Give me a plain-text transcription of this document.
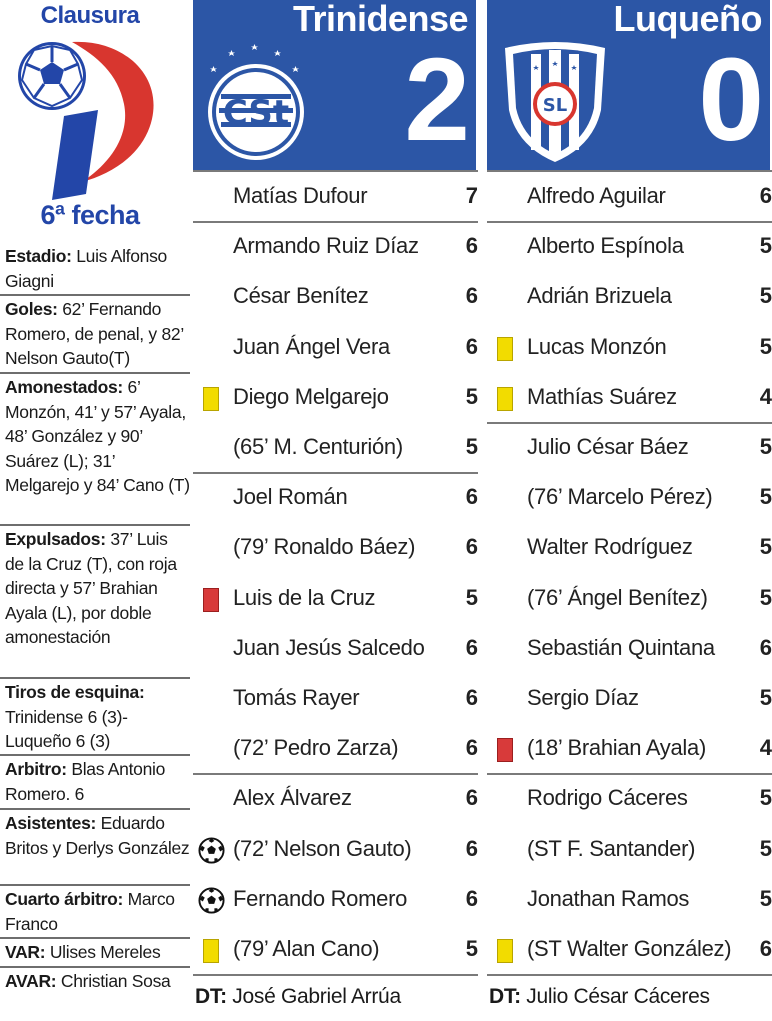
Clausura
6ª fecha
Estadio: Luis Alfonso Giagni
Goles: 62’ Fernando Romero, de penal, y 82’ Nelson Gauto(T)
Amonestados: 6’ Monzón, 41’ y 57’ Ayala, 48’ González y 90’ Suárez (L); 31’ Melgarejo y 84’ Cano (T)
Expulsados: 37’ Luis de la Cruz (T), con roja directa y 57’ Brahian Ayala (L), por doble amonestación
Tiros de esquina: Trinidense 6 (3)-Luqueño 6 (3)
Arbitro: Blas Antonio Romero. 6
Asistentes: Eduardo Britos y Derlys González
Cuarto árbitro: Marco Franco
VAR: Ulises Mereles
AVAR: Christian Sosa
Trinidense
CSt 2
Luqueño
SL 0
Matías Dufour	7
Armando Ruiz Díaz 6
César Benítez	6
Juan Ángel Vera	6
Diego Melgarejo	5
(65’ M. Centurión)	5
Joel Román	6
(79’ Ronaldo Báez) 6
Luis de la Cruz	5
Juan Jesús Salcedo 6
Tomás Rayer	6
(72’ Pedro Zarza)	6
Alex Álvarez	6
(72’ Nelson Gauto) 6
Fernando Romero	6
(79’ Alan Cano)	5
Alfredo Aguilar	6
Alberto Espínola	5
Adrián Brizuela	5
Lucas Monzón	5
Mathías Suárez	4
Julio César Báez	5
(76’ Marcelo Pérez) 5
Walter Rodríguez	5
(76’ Ángel Benítez) 5
Sebastián Quintana 6
Sergio Díaz	5
(18’ Brahian Ayala) 4
Rodrigo Cáceres	5
(ST F. Santander)	5
Jonathan Ramos	5
(ST Walter González) 6
DT: José Gabriel Arrúa	DT: Julio César Cáceres
